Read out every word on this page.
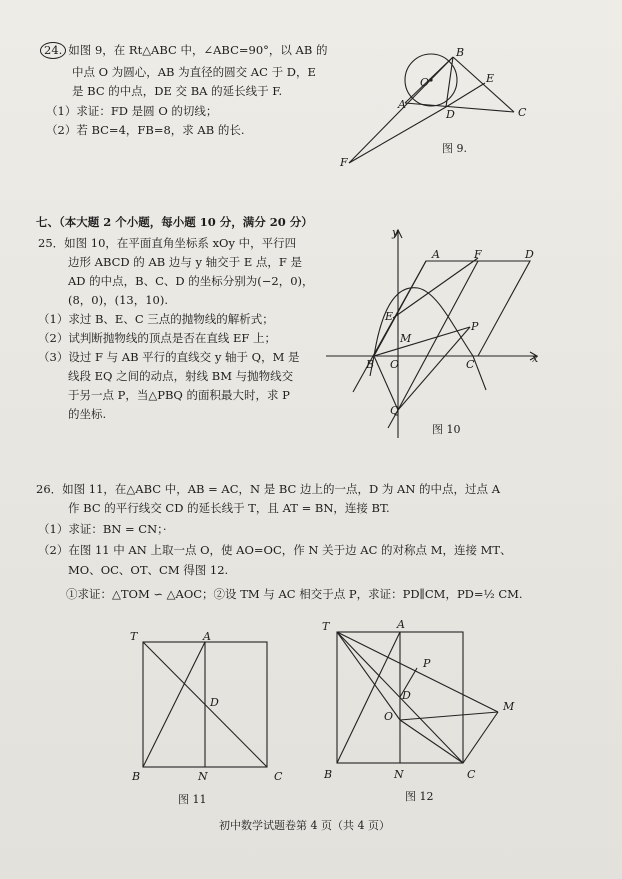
24. 如图 9，在 Rt△ABC 中，∠ABC=90°，以 AB 的
中点 O 为圆心，AB 为直径的圆交 AC 于 D，E
是 BC 的中点，DE 交 BA 的延长线于 F.
（1）求证：FD 是圆 O 的切线；
（2）若 BC=4，FB=8，求 AB 的长.
B
O	E
A
D	C
F
图 9.
七、（本大题 2 个小题，每小题 10 分，满分 20 分）
25．如图 10，在平面直角坐标系 xOy 中，平行四
边形 ABCD 的 AB 边与 y 轴交于 E 点，F 是
AD 的中点，B、C、D 的坐标分别为(−2，0)，
(8，0)，(13，10).
（1）求过 B、E、C 三点的抛物线的解析式；
（2）试判断抛物线的顶点是否在直线 EF 上；
（3）设过 F 与 AB 平行的直线交 y 轴于 Q，M 是
线段 EQ 之间的动点，射线 BM 与抛物线交
于另一点 P，当△PBQ 的面积最大时，求 P
的坐标.
y
A	F	D
E
M
P
B O	C	x
Q
图 10
26．如图 11，在△ABC 中，AB = AC，N 是 BC 边上的一点，D 为 AN 的中点，过点 A
作 BC 的平行线交 CD 的延长线于 T，且 AT = BN，连接 BT.
（1）求证：BN = CN；·
（2）在图 11 中 AN 上取一点 O，使 AO=OC，作 N 关于边 AC 的对称点 M，连接 MT、
MO、OC、OT、CM 得图 12.
①求证：△TOM ∽ △AOC；②设 TM 与 AC 相交于点 P，求证：PD∥CM，PD=½ CM.
T	A
D
B	N	C
图 11
T	A
P
D
O
M
B	N	C
图 12
初中数学试题卷第 4 页（共 4 页）
